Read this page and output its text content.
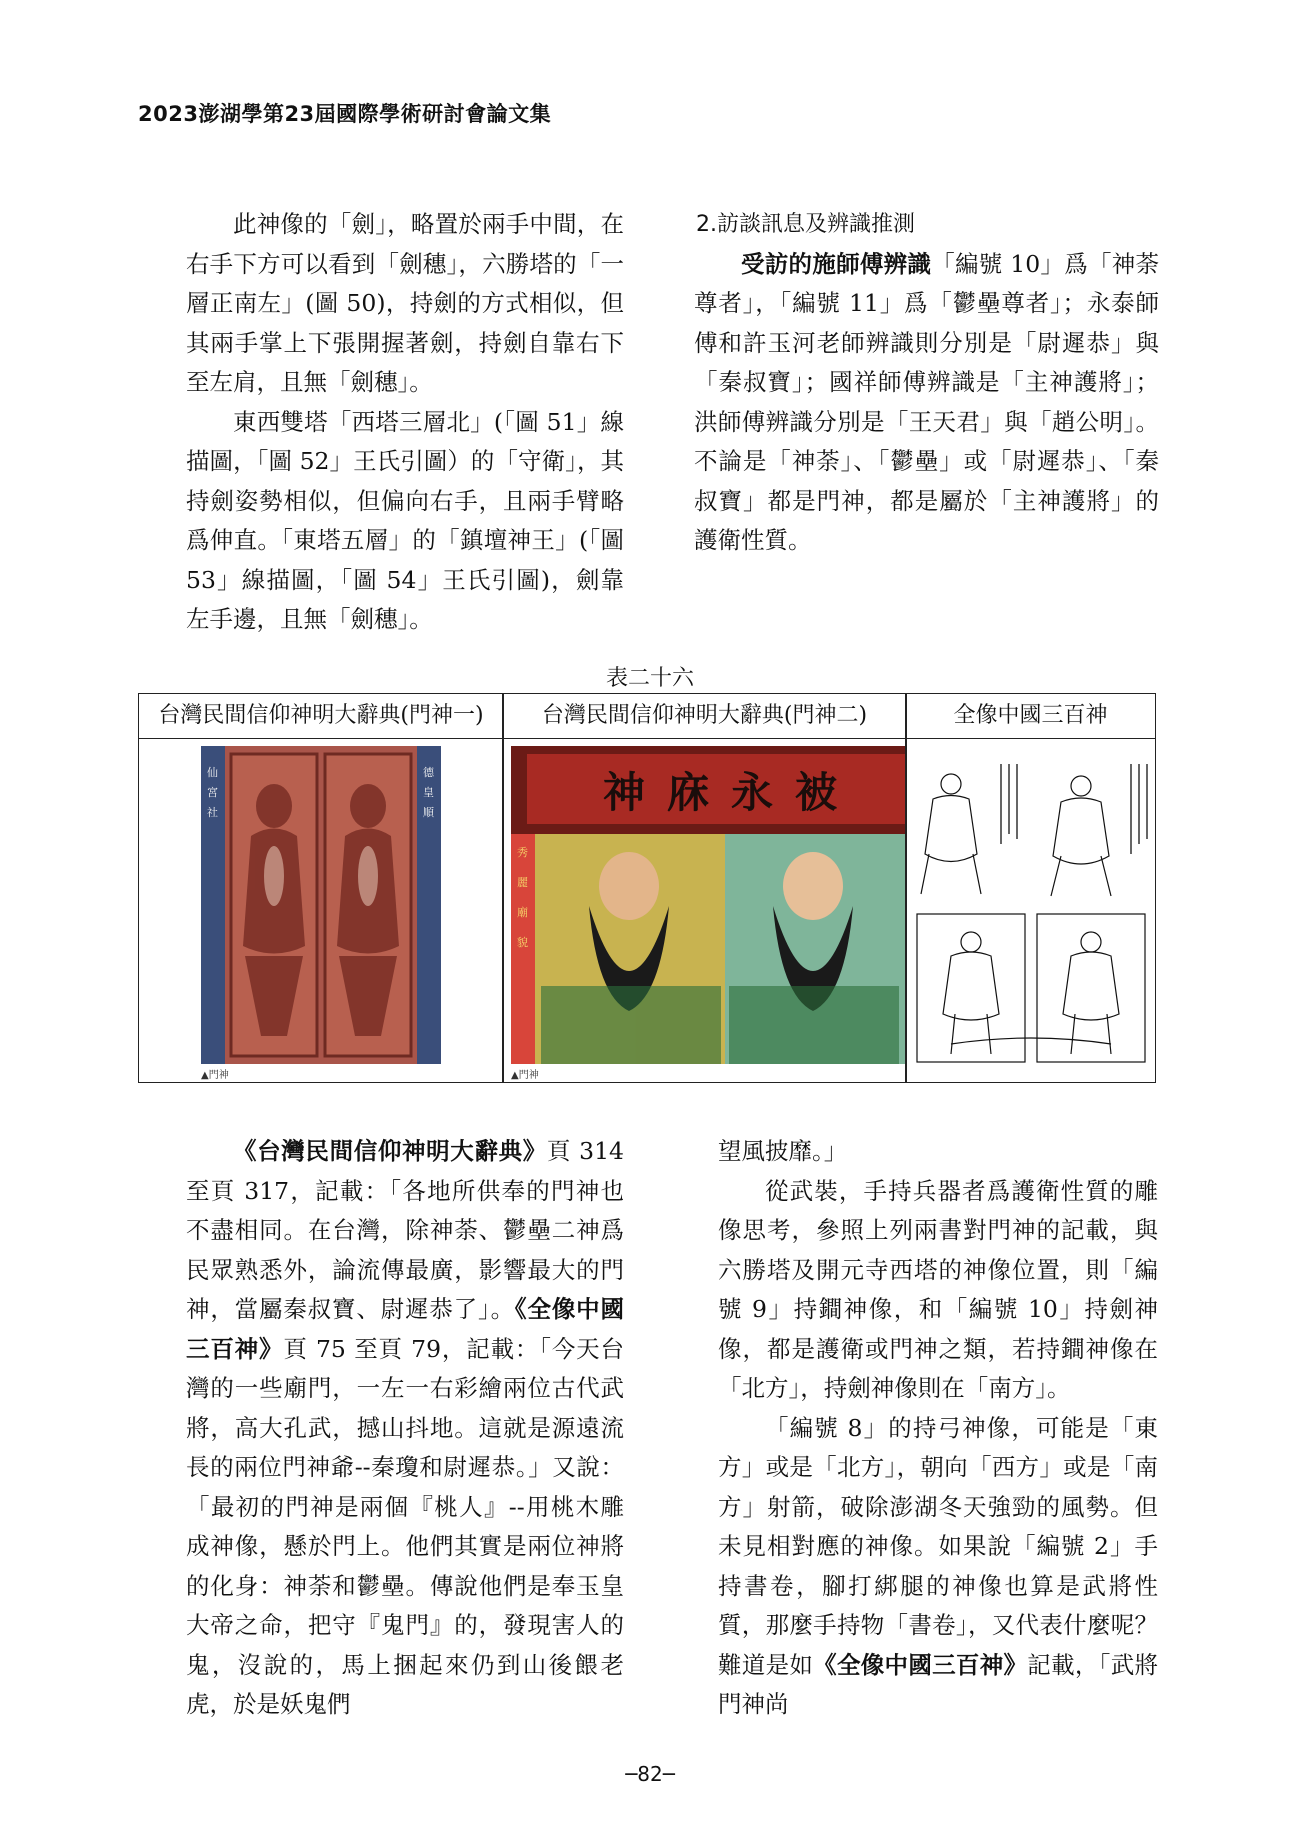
2023澎湖學第23屆國際學術研討會論文集

此神像的「劍」，略置於兩手中間，在右手下方可以看到「劍穗」，六勝塔的「一層正南左」(圖 50)，持劍的方式相似，但其兩手掌上下張開握著劍，持劍自靠右下至左肩，且無「劍穗」。

東西雙塔「西塔三層北」(「圖 51」線描圖，「圖 52」王氏引圖）的「守衛」，其持劍姿勢相似，但偏向右手，且兩手臂略爲伸直。「東塔五層」的「鎮壇神王」(「圖 53」線描圖，「圖 54」王氏引圖)，劍靠左手邊，且無「劍穗」。

2.訪談訊息及辨識推測

受訪的施師傅辨識「編號 10」爲「神荼尊者」，「編號 11」爲「鬱壘尊者」；永泰師傅和許玉河老師辨識則分別是「尉遲恭」與「秦叔寶」；國祥師傅辨識是「主神護將」；洪師傅辨識分別是「王天君」與「趙公明」。不論是「神荼」、「鬱壘」或「尉遲恭」、「秦叔寶」都是門神，都是屬於「主神護將」的護衛性質。

表二十六
台灣民間信仰神明大辭典(門神一)	台灣民間信仰神明大辭典(門神二)	全像中國三百神
仙
宮
社
德
皇
順
▲門神
秀
麗
廟
貌
神庥永被
▲門神

《台灣民間信仰神明大辭典》頁 314 至頁 317，記載：「各地所供奉的門神也不盡相同。在台灣，除神荼、鬱壘二神爲民眾熟悉外，論流傳最廣，影響最大的門神，當屬秦叔寶、尉遲恭了」。《全像中國三百神》頁 75 至頁 79，記載：「今天台灣的一些廟門，一左一右彩繪兩位古代武將，高大孔武，撼山抖地。這就是源遠流長的兩位門神爺--秦瓊和尉遲恭。」又說：「最初的門神是兩個『桃人』--用桃木雕成神像，懸於門上。他們其實是兩位神將的化身：神荼和鬱壘。傳說他們是奉玉皇大帝之命，把守『鬼門』的，發現害人的鬼，沒說的，馬上捆起來仍到山後餵老虎，於是妖鬼們

望風披靡。」

從武裝，手持兵器者爲護衛性質的雕像思考，參照上列兩書對門神的記載，與六勝塔及開元寺西塔的神像位置，則「編號 9」持鐧神像，和「編號 10」持劍神像，都是護衛或門神之類，若持鐧神像在「北方」，持劍神像則在「南方」。

「編號 8」的持弓神像，可能是「東方」或是「北方」，朝向「西方」或是「南方」射箭，破除澎湖冬天強勁的風勢。但未見相對應的神像。如果說「編號 2」手持書卷，腳打綁腿的神像也算是武將性質，那麼手持物「書卷」，又代表什麼呢？難道是如《全像中國三百神》記載，「武將門神尚

─82─
